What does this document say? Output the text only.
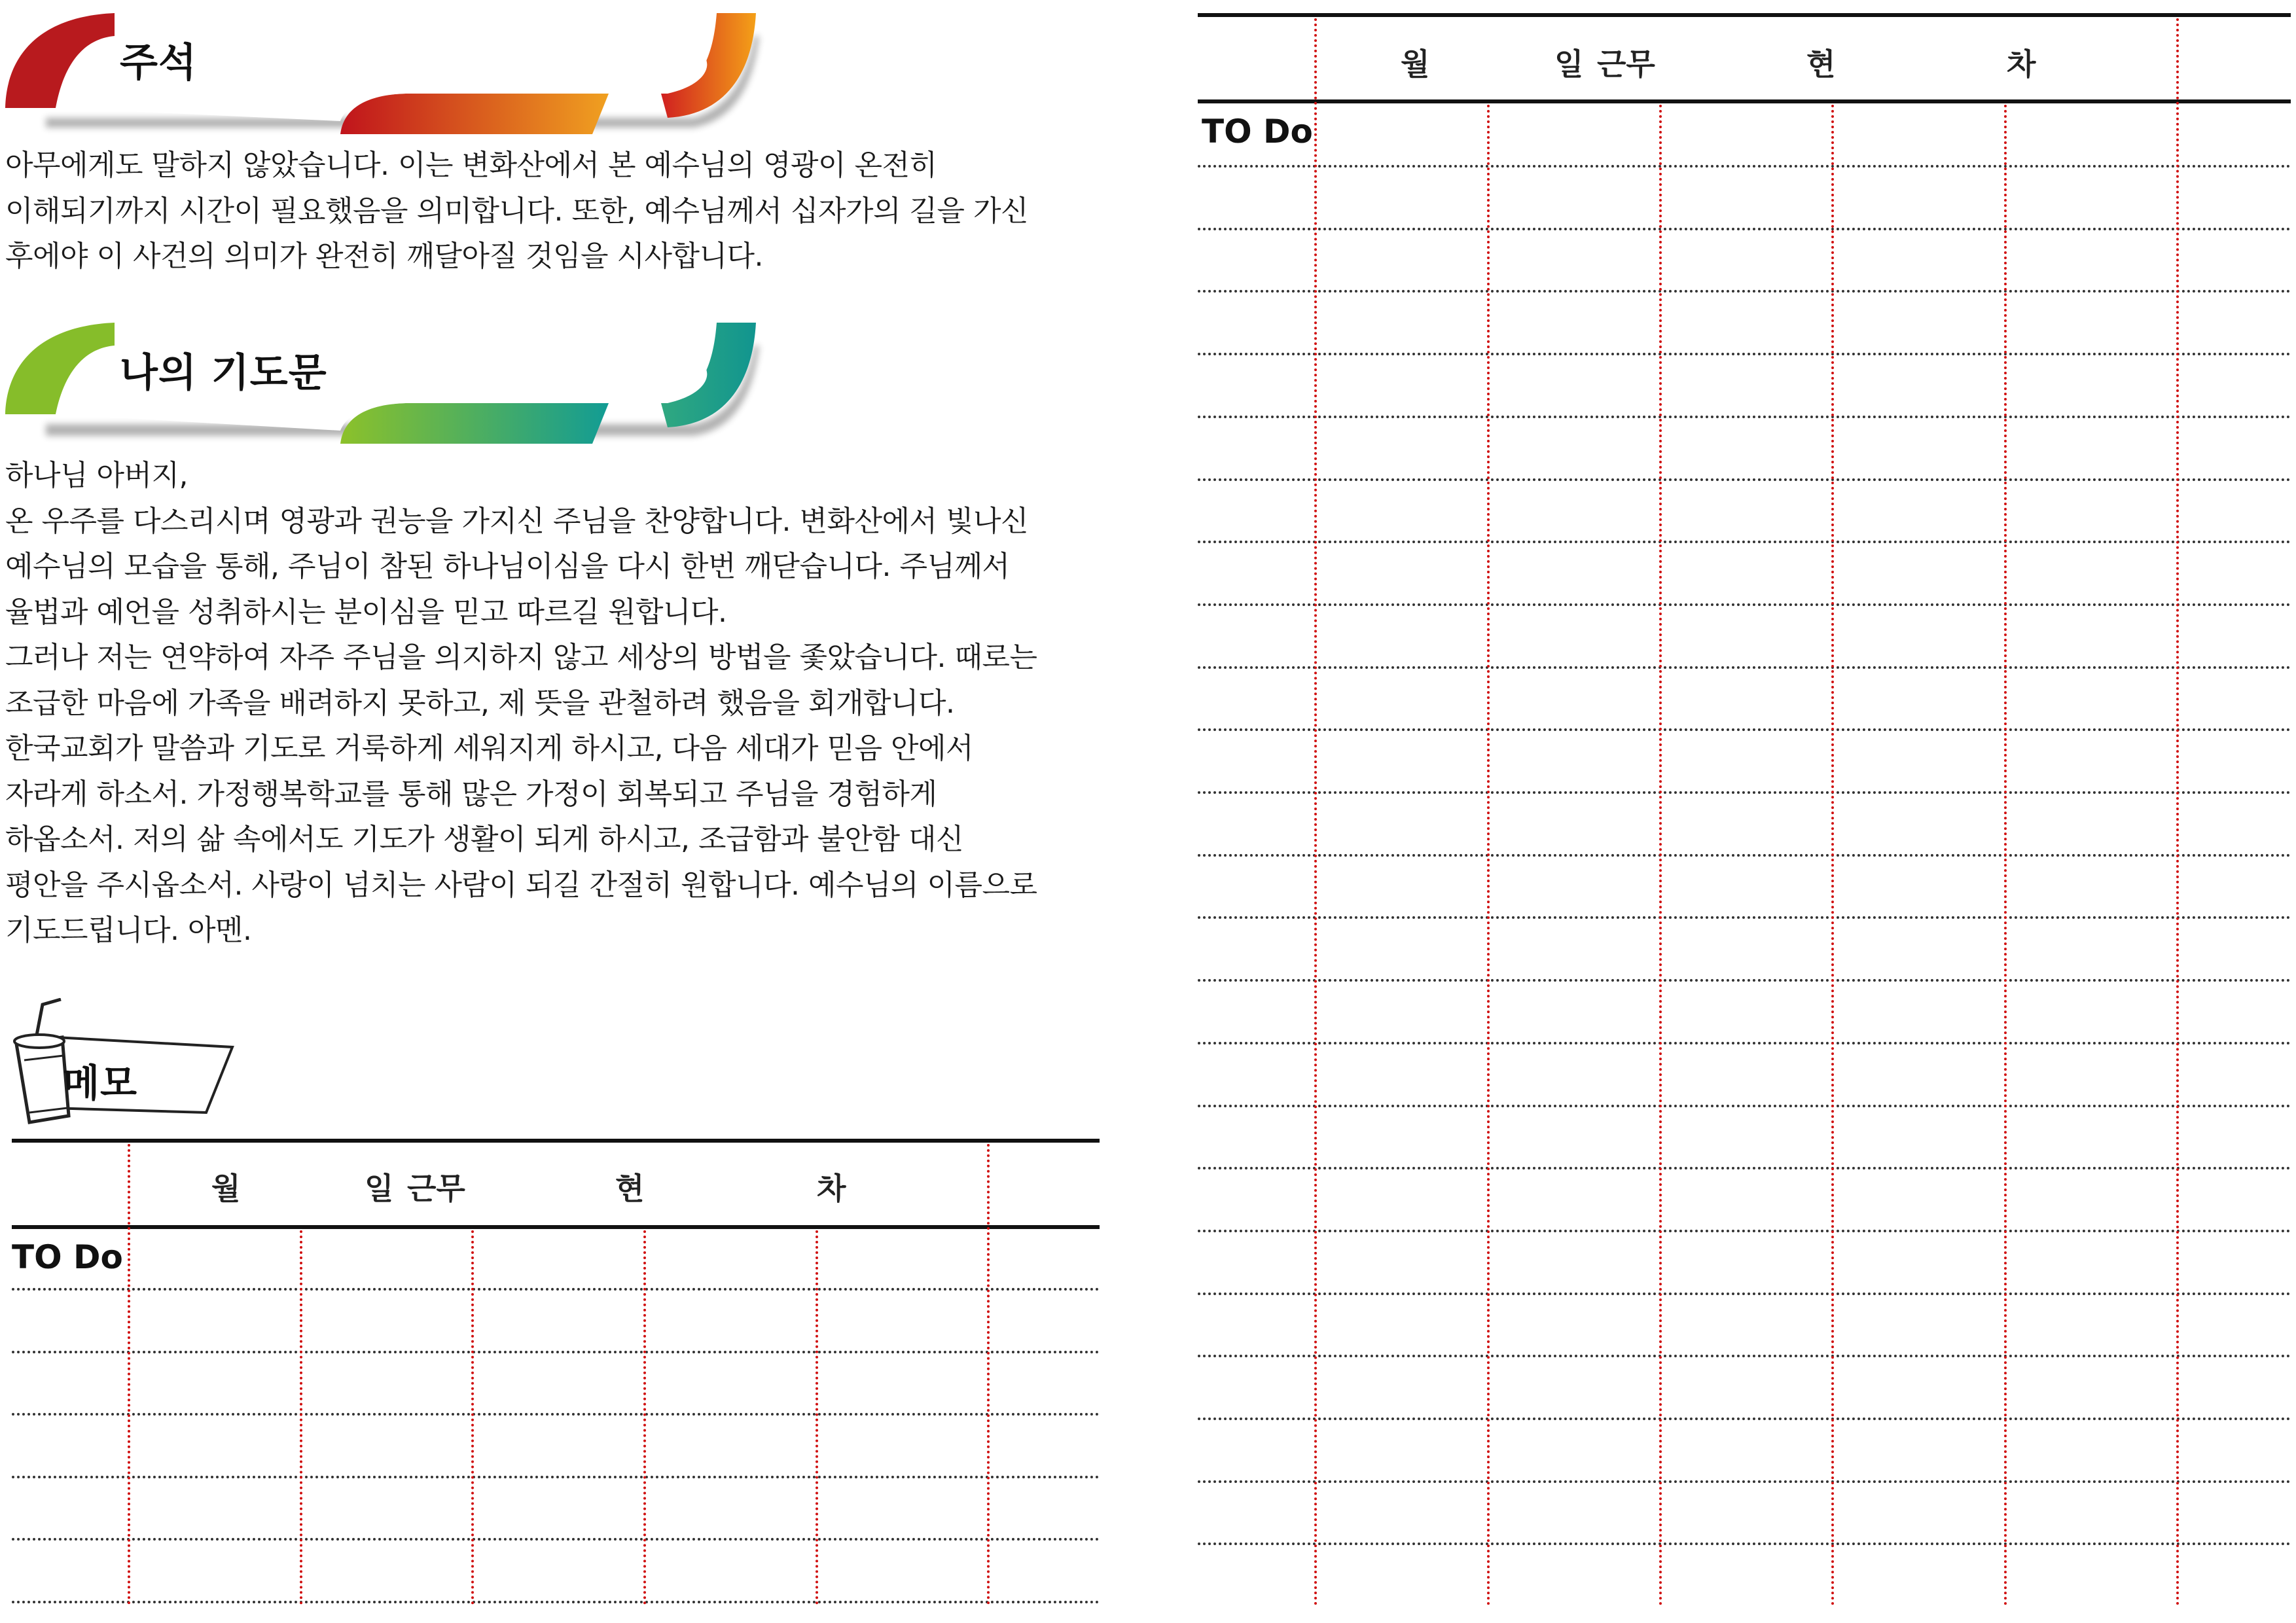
주석
아무에게도 말하지 않았습니다. 이는 변화산에서 본 예수님의 영광이 온전히
이해되기까지 시간이 필요했음을 의미합니다. 또한, 예수님께서 십자가의 길을 가신
후에야 이 사건의 의미가 완전히 깨달아질 것임을 시사합니다.
나의 기도문
하나님 아버지,
온 우주를 다스리시며 영광과 권능을 가지신 주님을 찬양합니다. 변화산에서 빛나신
예수님의 모습을 통해, 주님이 참된 하나님이심을 다시 한번 깨닫습니다. 주님께서
율법과 예언을 성취하시는 분이심을 믿고 따르길 원합니다.
그러나 저는 연약하여 자주 주님을 의지하지 않고 세상의 방법을 좇았습니다. 때로는
조급한 마음에 가족을 배려하지 못하고, 제 뜻을 관철하려 했음을 회개합니다.
한국교회가 말씀과 기도로 거룩하게 세워지게 하시고, 다음 세대가 믿음 안에서
자라게 하소서. 가정행복학교를 통해 많은 가정이 회복되고 주님을 경험하게
하옵소서. 저의 삶 속에서도 기도가 생활이 되게 하시고, 조급함과 불안함 대신
평안을 주시옵소서. 사랑이 넘치는 사람이 되길 간절히 원합니다. 예수님의 이름으로
기도드립니다. 아멘.
메모
월	일 근무	현	차
TO Do
월	일 근무	현	차
TO Do
